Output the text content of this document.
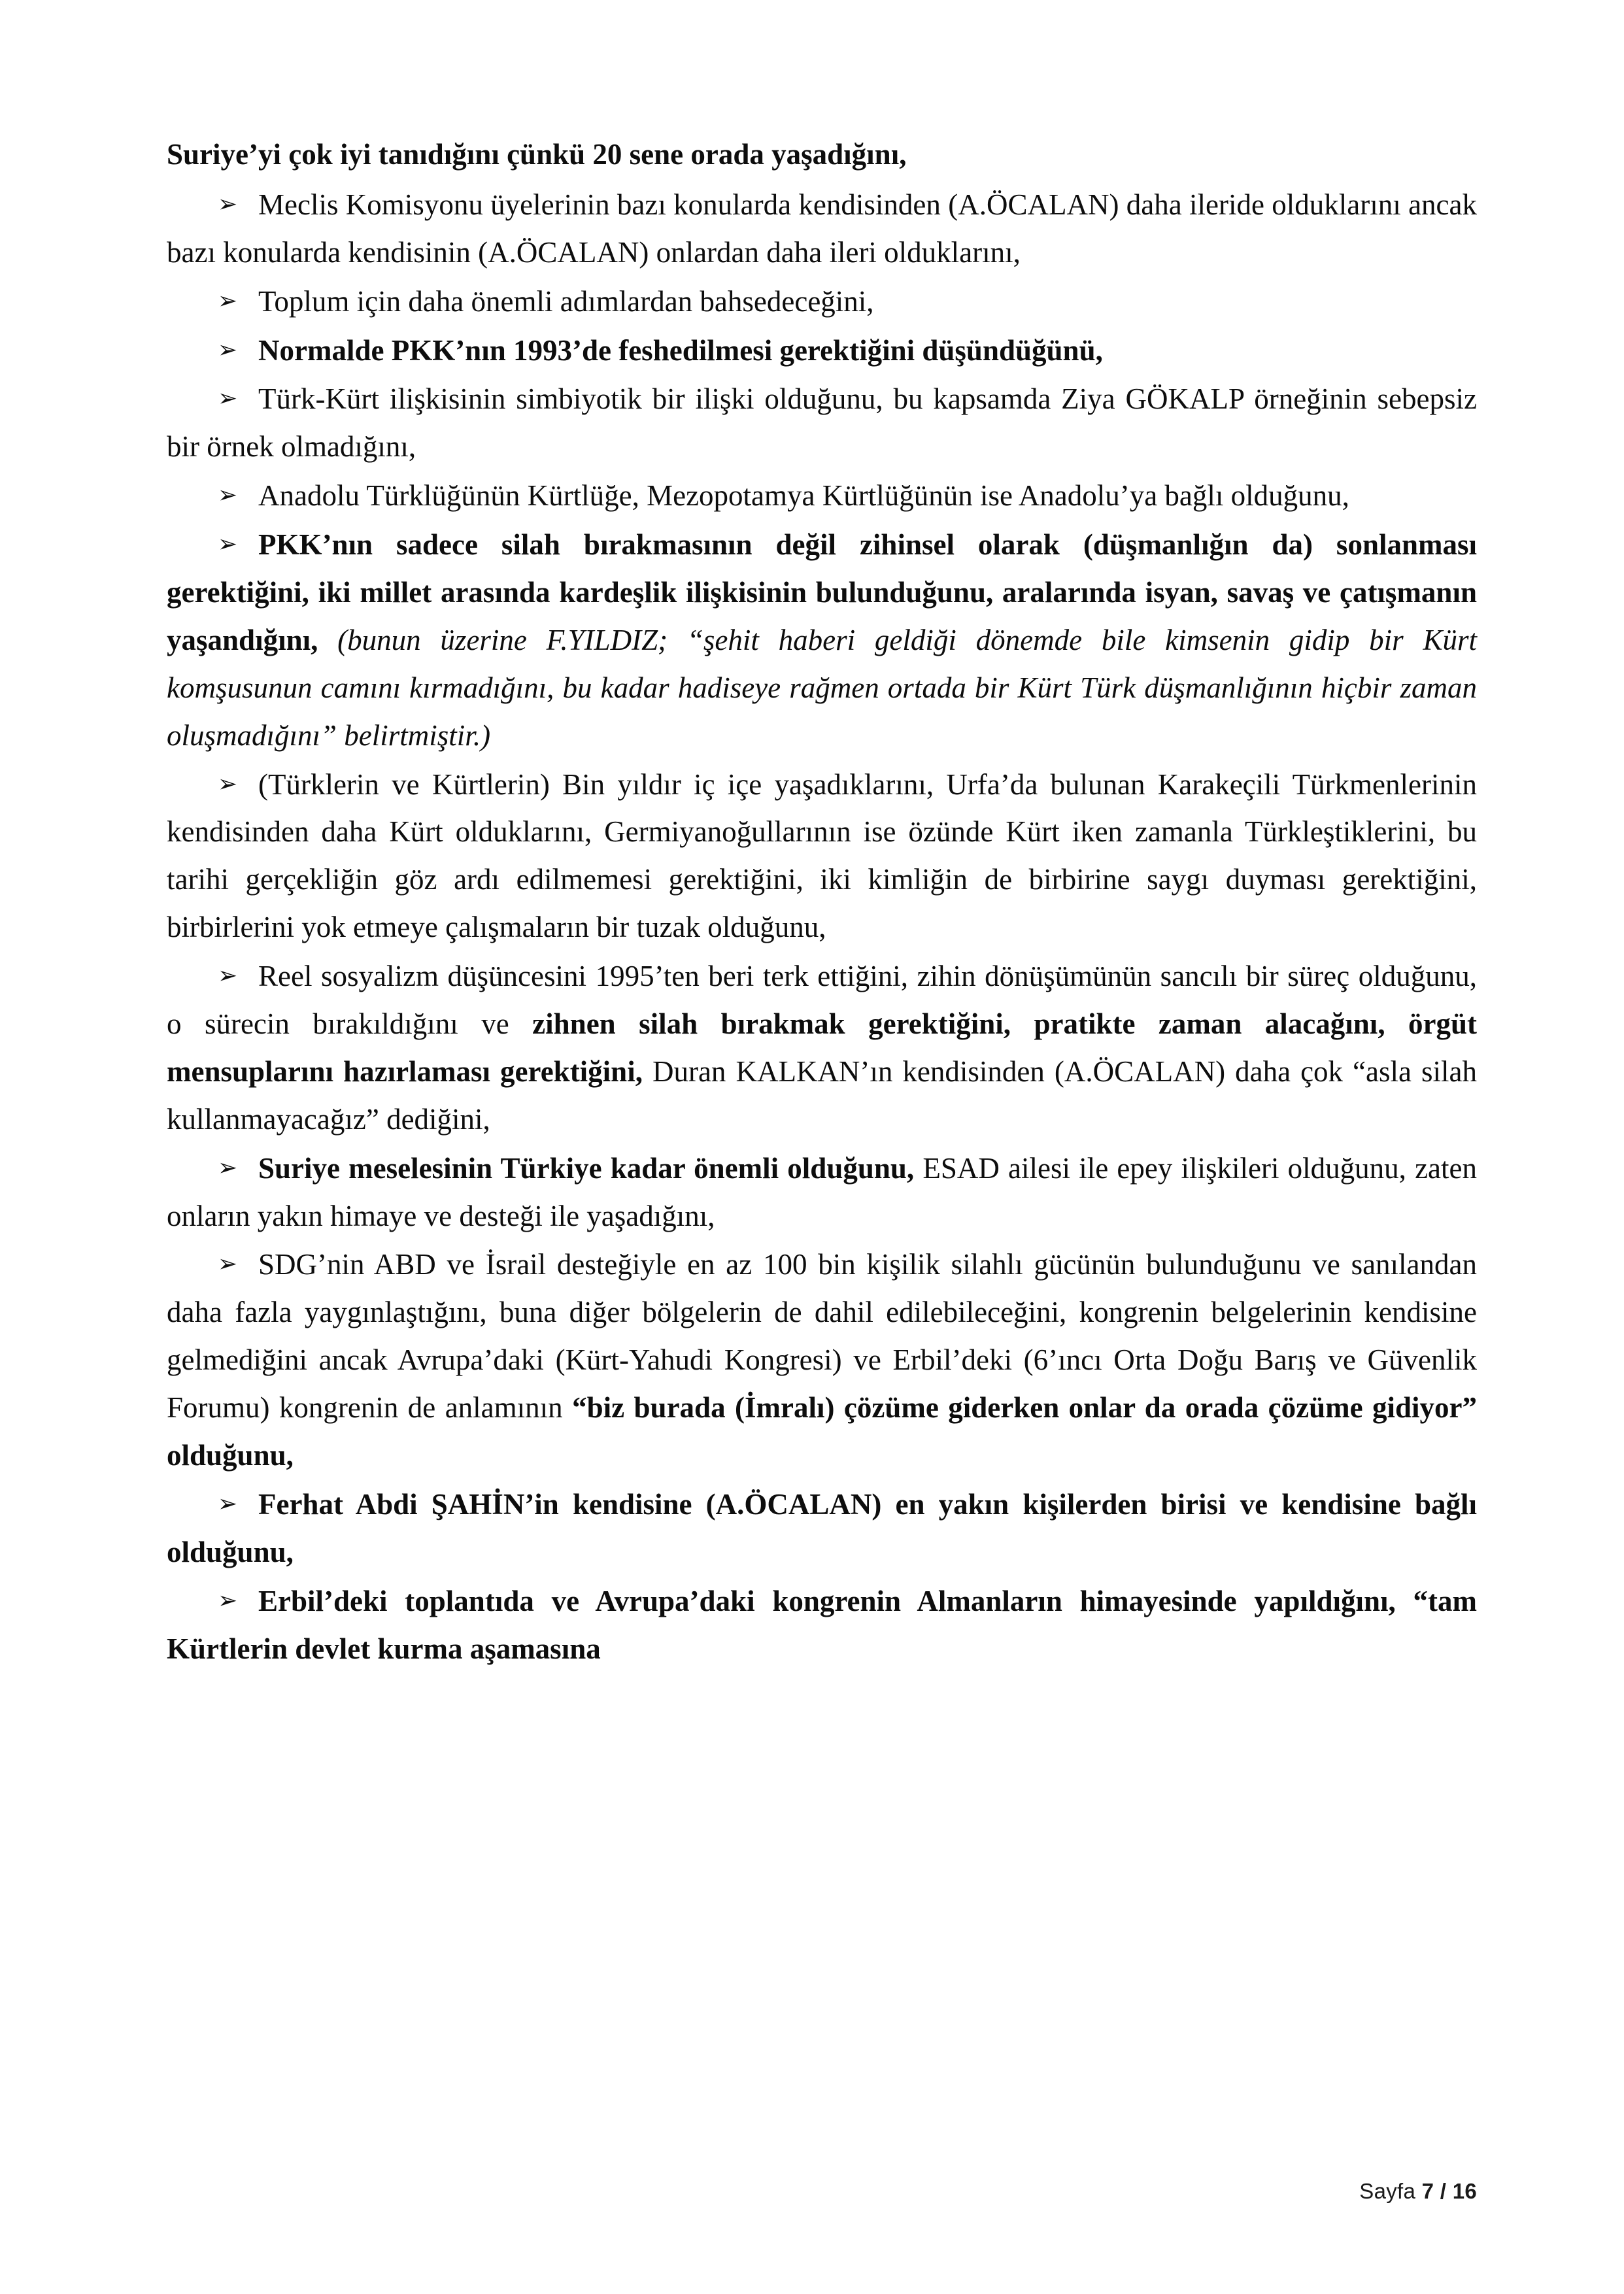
Suriye’yi çok iyi tanıdığını çünkü 20 sene orada yaşadığını,

➢ Meclis Komisyonu üyelerinin bazı konularda kendisinden (A.ÖCALAN) daha ileride olduklarını ancak bazı konularda kendisinin (A.ÖCALAN) onlardan daha ileri olduklarını,

➢ Toplum için daha önemli adımlardan bahsedeceğini,

➢ Normalde PKK’nın 1993’de feshedilmesi gerektiğini düşündüğünü,

➢ Türk-Kürt ilişkisinin simbiyotik bir ilişki olduğunu, bu kapsamda Ziya GÖKALP örneğinin sebepsiz bir örnek olmadığını,

➢ Anadolu Türklüğünün Kürtlüğe, Mezopotamya Kürtlüğünün ise Anadolu’ya bağlı olduğunu,

➢ PKK’nın sadece silah bırakmasının değil zihinsel olarak (düşmanlığın da) sonlanması gerektiğini, iki millet arasında kardeşlik ilişkisinin bulunduğunu, aralarında isyan, savaş ve çatışmanın yaşandığını, (bunun üzerine F.YILDIZ; “şehit haberi geldiği dönemde bile kimsenin gidip bir Kürt komşusunun camını kırmadığını, bu kadar hadiseye rağmen ortada bir Kürt Türk düşmanlığının hiçbir zaman oluşmadığını” belirtmiştir.)

➢ (Türklerin ve Kürtlerin) Bin yıldır iç içe yaşadıklarını, Urfa’da bulunan Karakeçili Türkmenlerinin kendisinden daha Kürt olduklarını, Germiyanoğullarının ise özünde Kürt iken zamanla Türkleştiklerini, bu tarihi gerçekliğin göz ardı edilmemesi gerektiğini, iki kimliğin de birbirine saygı duyması gerektiğini, birbirlerini yok etmeye çalışmaların bir tuzak olduğunu,

➢ Reel sosyalizm düşüncesini 1995’ten beri terk ettiğini, zihin dönüşümünün sancılı bir süreç olduğunu, o sürecin bırakıldığını ve zihnen silah bırakmak gerektiğini, pratikte zaman alacağını, örgüt mensuplarını hazırlaması gerektiğini, Duran KALKAN’ın kendisinden (A.ÖCALAN) daha çok “asla silah kullanmayacağız” dediğini,

➢ Suriye meselesinin Türkiye kadar önemli olduğunu, ESAD ailesi ile epey ilişkileri olduğunu, zaten onların yakın himaye ve desteği ile yaşadığını,

➢ SDG’nin ABD ve İsrail desteğiyle en az 100 bin kişilik silahlı gücünün bulunduğunu ve sanılandan daha fazla yaygınlaştığını, buna diğer bölgelerin de dahil edilebileceğini, kongrenin belgelerinin kendisine gelmediğini ancak Avrupa’daki (Kürt-Yahudi Kongresi) ve Erbil’deki (6’ıncı Orta Doğu Barış ve Güvenlik Forumu) kongrenin de anlamının “biz burada (İmralı) çözüme giderken onlar da orada çözüme gidiyor” olduğunu,

➢ Ferhat Abdi ŞAHİN’in kendisine (A.ÖCALAN) en yakın kişilerden birisi ve kendisine bağlı olduğunu,

➢ Erbil’deki toplantıda ve Avrupa’daki kongrenin Almanların himayesinde yapıldığını, “tam Kürtlerin devlet kurma aşamasına

Sayfa 7 / 16
